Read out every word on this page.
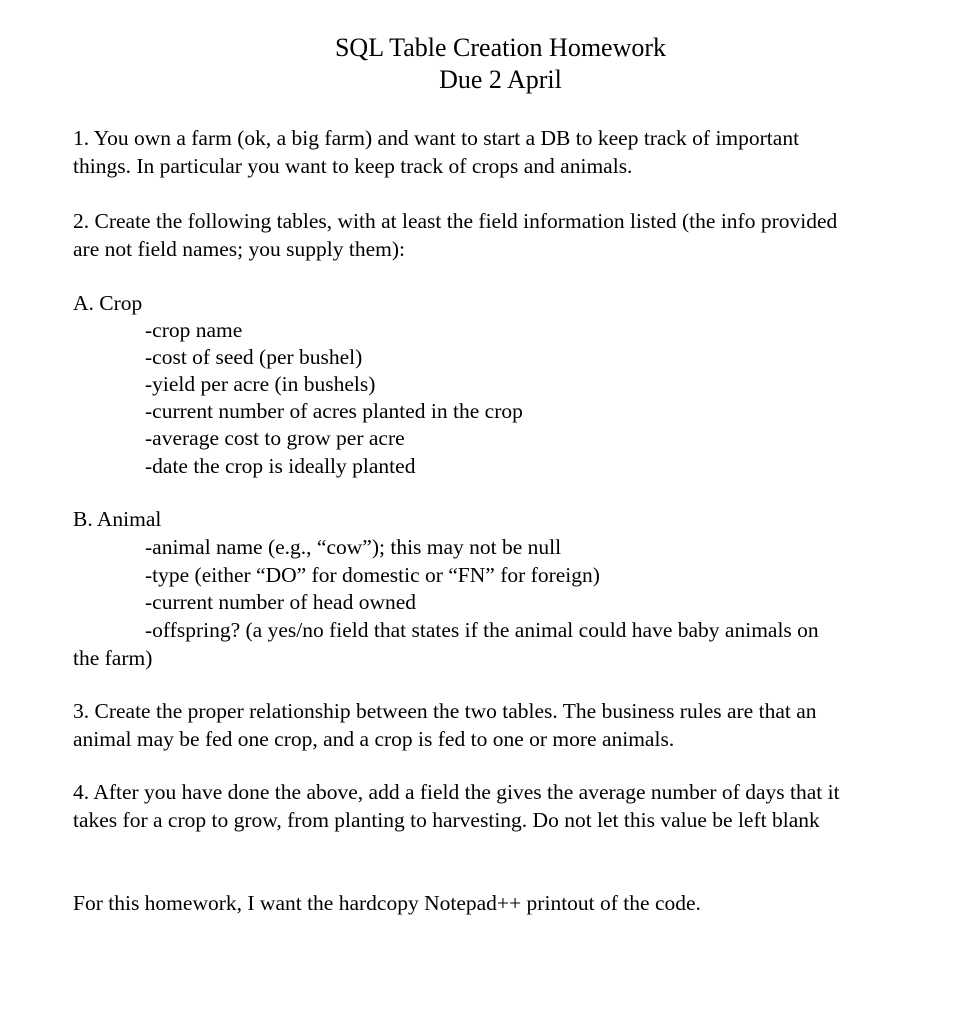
SQL Table Creation Homework
Due 2 April
1. You own a farm (ok, a big farm) and want to start a DB to keep track of important
things. In particular you want to keep track of crops and animals.
2. Create the following tables, with at least the field information listed (the info provided
are not field names; you supply them):
A. Crop
-crop name
-cost of seed (per bushel)
-yield per acre (in bushels)
-current number of acres planted in the crop
-average cost to grow per acre
-date the crop is ideally planted
B. Animal
-animal name (e.g., “cow”); this may not be null
-type (either “DO” for domestic or “FN” for foreign)
-current number of head owned
-offspring? (a yes/no field that states if the animal could have baby animals on
the farm)
3. Create the proper relationship between the two tables. The business rules are that an
animal may be fed one crop, and a crop is fed to one or more animals.
4. After you have done the above, add a field the gives the average number of days that it
takes for a crop to grow, from planting to harvesting. Do not let this value be left blank
For this homework, I want the hardcopy Notepad++ printout of the code.
